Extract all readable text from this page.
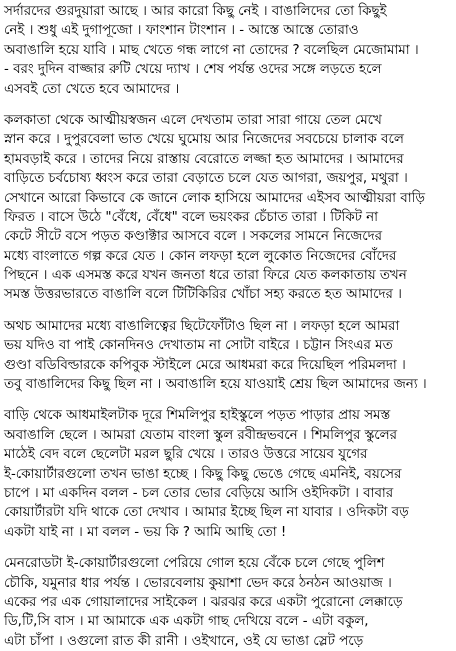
সর্দারদের গুরদুয়ারা আছে । আর কারো কিছু নেই । বাঙালিদের তো কিছুই
নেই । শুধু এই দুগাপূজো । ফাংশান টাংশান । - আস্তে আস্তে তোরাও
অবাঙালি হয়ে যাবি । মাছ খেতে গন্ধ লাগে না তোদের ? বলেছিল মেজোমামা ।
- বরং দুদিন বাজ্জার রুটি খেয়ে দ্যাখ । শেষ পর্যন্ত ওদের সঙ্গে লড়তে হলে
এসবই তো খেতে হবে আমাদের ।
কলকাতা থেকে আত্মীয়স্বজন এলে দেখতাম তারা সারা গায়ে তেল মেখে
স্নান করে । দুপুরবেলা ভাত খেয়ে ঘুমোয় আর নিজেদের সবচেয়ে চালাক বলে
হামবড়াই করে । তাদের নিয়ে রাস্তায় বেরোতে লজ্জা হত আমাদের । আমাদের
বাড়িতে চর্বচোষ্য ধ্বংস করে তারা বেড়াতে চলে যেত আগরা, জয়পুর, মথুরা ।
সেখানে আরো কিভাবে কে জানে লোক হাসিয়ে আমাদের এইসব আত্মীয়রা বাড়ি
ফিরত । বাসে উঠে "বেঁধে, বেঁধে" বলে ভয়ংকর চেঁচাত তারা । টিকিট না
কেটে সীটে বসে পড়ত কণ্ডাক্টার আসবে বলে । সকলের সামনে নিজেদের
মধ্যে বাংলাতে গল্প করে যেত । কোন লফড়া হলে লুকোত নিজেদের বোঁদের
পিছনে । এক এসমস্ত করে যখন জনতা ধরে তারা ফিরে যেত কলকাতায় তখন
সমস্ত উত্তরভারতে বাঙালি বলে টিটিকিরির খোঁচা সহ্য করতে হত আমাদের ।
অথচ আমাদের মধ্যে বাঙালিত্বের ছিটেফোঁটাও ছিল না । লফড়া হলে আমরা
ভয় যদিও বা পাই কোনদিনও দেখাতাম না সোটা বাইরে । চট্টান সিংএর মত
গুণ্ডা বডিবিল্ডারকে কপিবুক স্টাইলে মেরে আধমরা করে দিয়েছিল পরিমলদা ।
তবু বাঙালিদের কিছু ছিল না । অবাঙালি হয়ে যাওয়াই শ্রেয় ছিল আমাদের জন্য ।
বাড়ি থেকে আধমাইলটাক দূরে শিমলিপুর হাইস্কুলে পড়ত পাড়ার প্রায় সমস্ত
অবাঙালি ছেলে । আমরা যেতাম বাংলা স্কুল রবীন্দ্রভবনে । শিমলিপুর স্কুলের
মাঠেই বেদ বলে ছেলেটা মরল ছুরি খেয়ে । তারও উত্তরে সায়েব যুগের
ই-কোয়ার্টারগুলো তখন ভাঙা হচ্ছে । কিছু কিছু ভেঙে গেছে এমনিই, বয়সের
চাপে । মা একদিন বলল - চল তোর ভোর বেড়িয়ে আসি ওইদিকটা । বাবার
কোয়ার্টারটা যদি থাকে তো দেখাব । আমার ইচ্ছে ছিল না যাবার । ওদিকটা বড়
একটা যাই না । মা বলল - ভয় কি ? আমি আছি তো !
মেনরোডটা ই-কোয়ার্টারগুলো পেরিয়ে গোল হয়ে বেঁকে চলে গেছে পুলিশ
চৌকি, যমুনার ধার পর্যন্ত । ভোরবেলায় কুয়াশা ভেদ করে ঠনঠন আওয়াজ ।
একের পর এক গোয়ালাদের সাইকেল । ঝরঝর করে একটা পুরোনো লেক্কাড়ে
ডি,টি,সি বাস । মা আমাকে এক একটা গাছ দেখিয়ে বলে - এটা বকুল,
এটা চাঁপা । ওগুলো রাত কী রানী । ওইখানে, ওই যে ভাঙা স্লেট পড়ে
